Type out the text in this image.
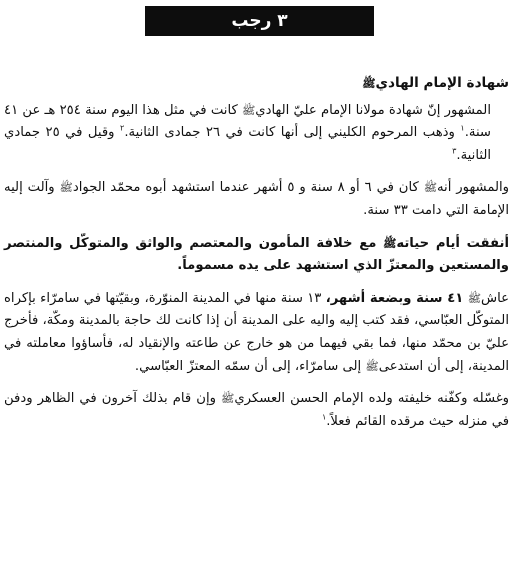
٣ رجب
شهادة الإمام الهاديﷺ

المشهور إنّ شهادة مولانا الإمام عليّ الهاديﷺ كانت في مثل هذا اليوم سنة ٢٥٤ هـ عن ٤١ سنة.$^١$ وذهب المرحوم الكليني إلى أنها كانت في ٢٦ جمادى الثانية.$^٢$ وقيل في ٢٥ جمادي الثانية.$^٣$

والمشهور أنهﷺ كان في ٦ أو ٨ سنة و ٥ أشهر عندما استشهد أبوه محمّد الجوادﷺ وآلت إليه الإمامة التي دامت ٣٣ سنة.

أنفقت أيام حياتهﷺ مع خلافة المأمون والمعتصم والواثق والمتوكّل والمنتصر والمستعين والمعتزّ الذي استشهد على يده مسموماً.

عاشﷺ ٤١ سنة وبضعة أشهر، ١٣ سنة منها في المدينة المنوّرة، وبقيّتها في سامرّاء بإكراه المتوكّل العبّاسي، فقد كتب إليه واليه على المدينة أن إذا كانت لك حاجة بالمدينة ومكّة، فأخرج عليّ بن محمّد منها، فما بقي فيهما من هو خارج عن طاعته والإنقياد له، فأساؤوا معاملته في المدينة، إلى أن استدعىﷺ إلى سامرّاء، إلى أن سمّه المعتزّ العبّاسي.

وغسّله وكفّنه خليفته ولده الإمام الحسن العسكريﷺ وإن قام بذلك آخرون في الظاهر ودفن في منزله حيث مرقده القائم فعلاً.$^١$
